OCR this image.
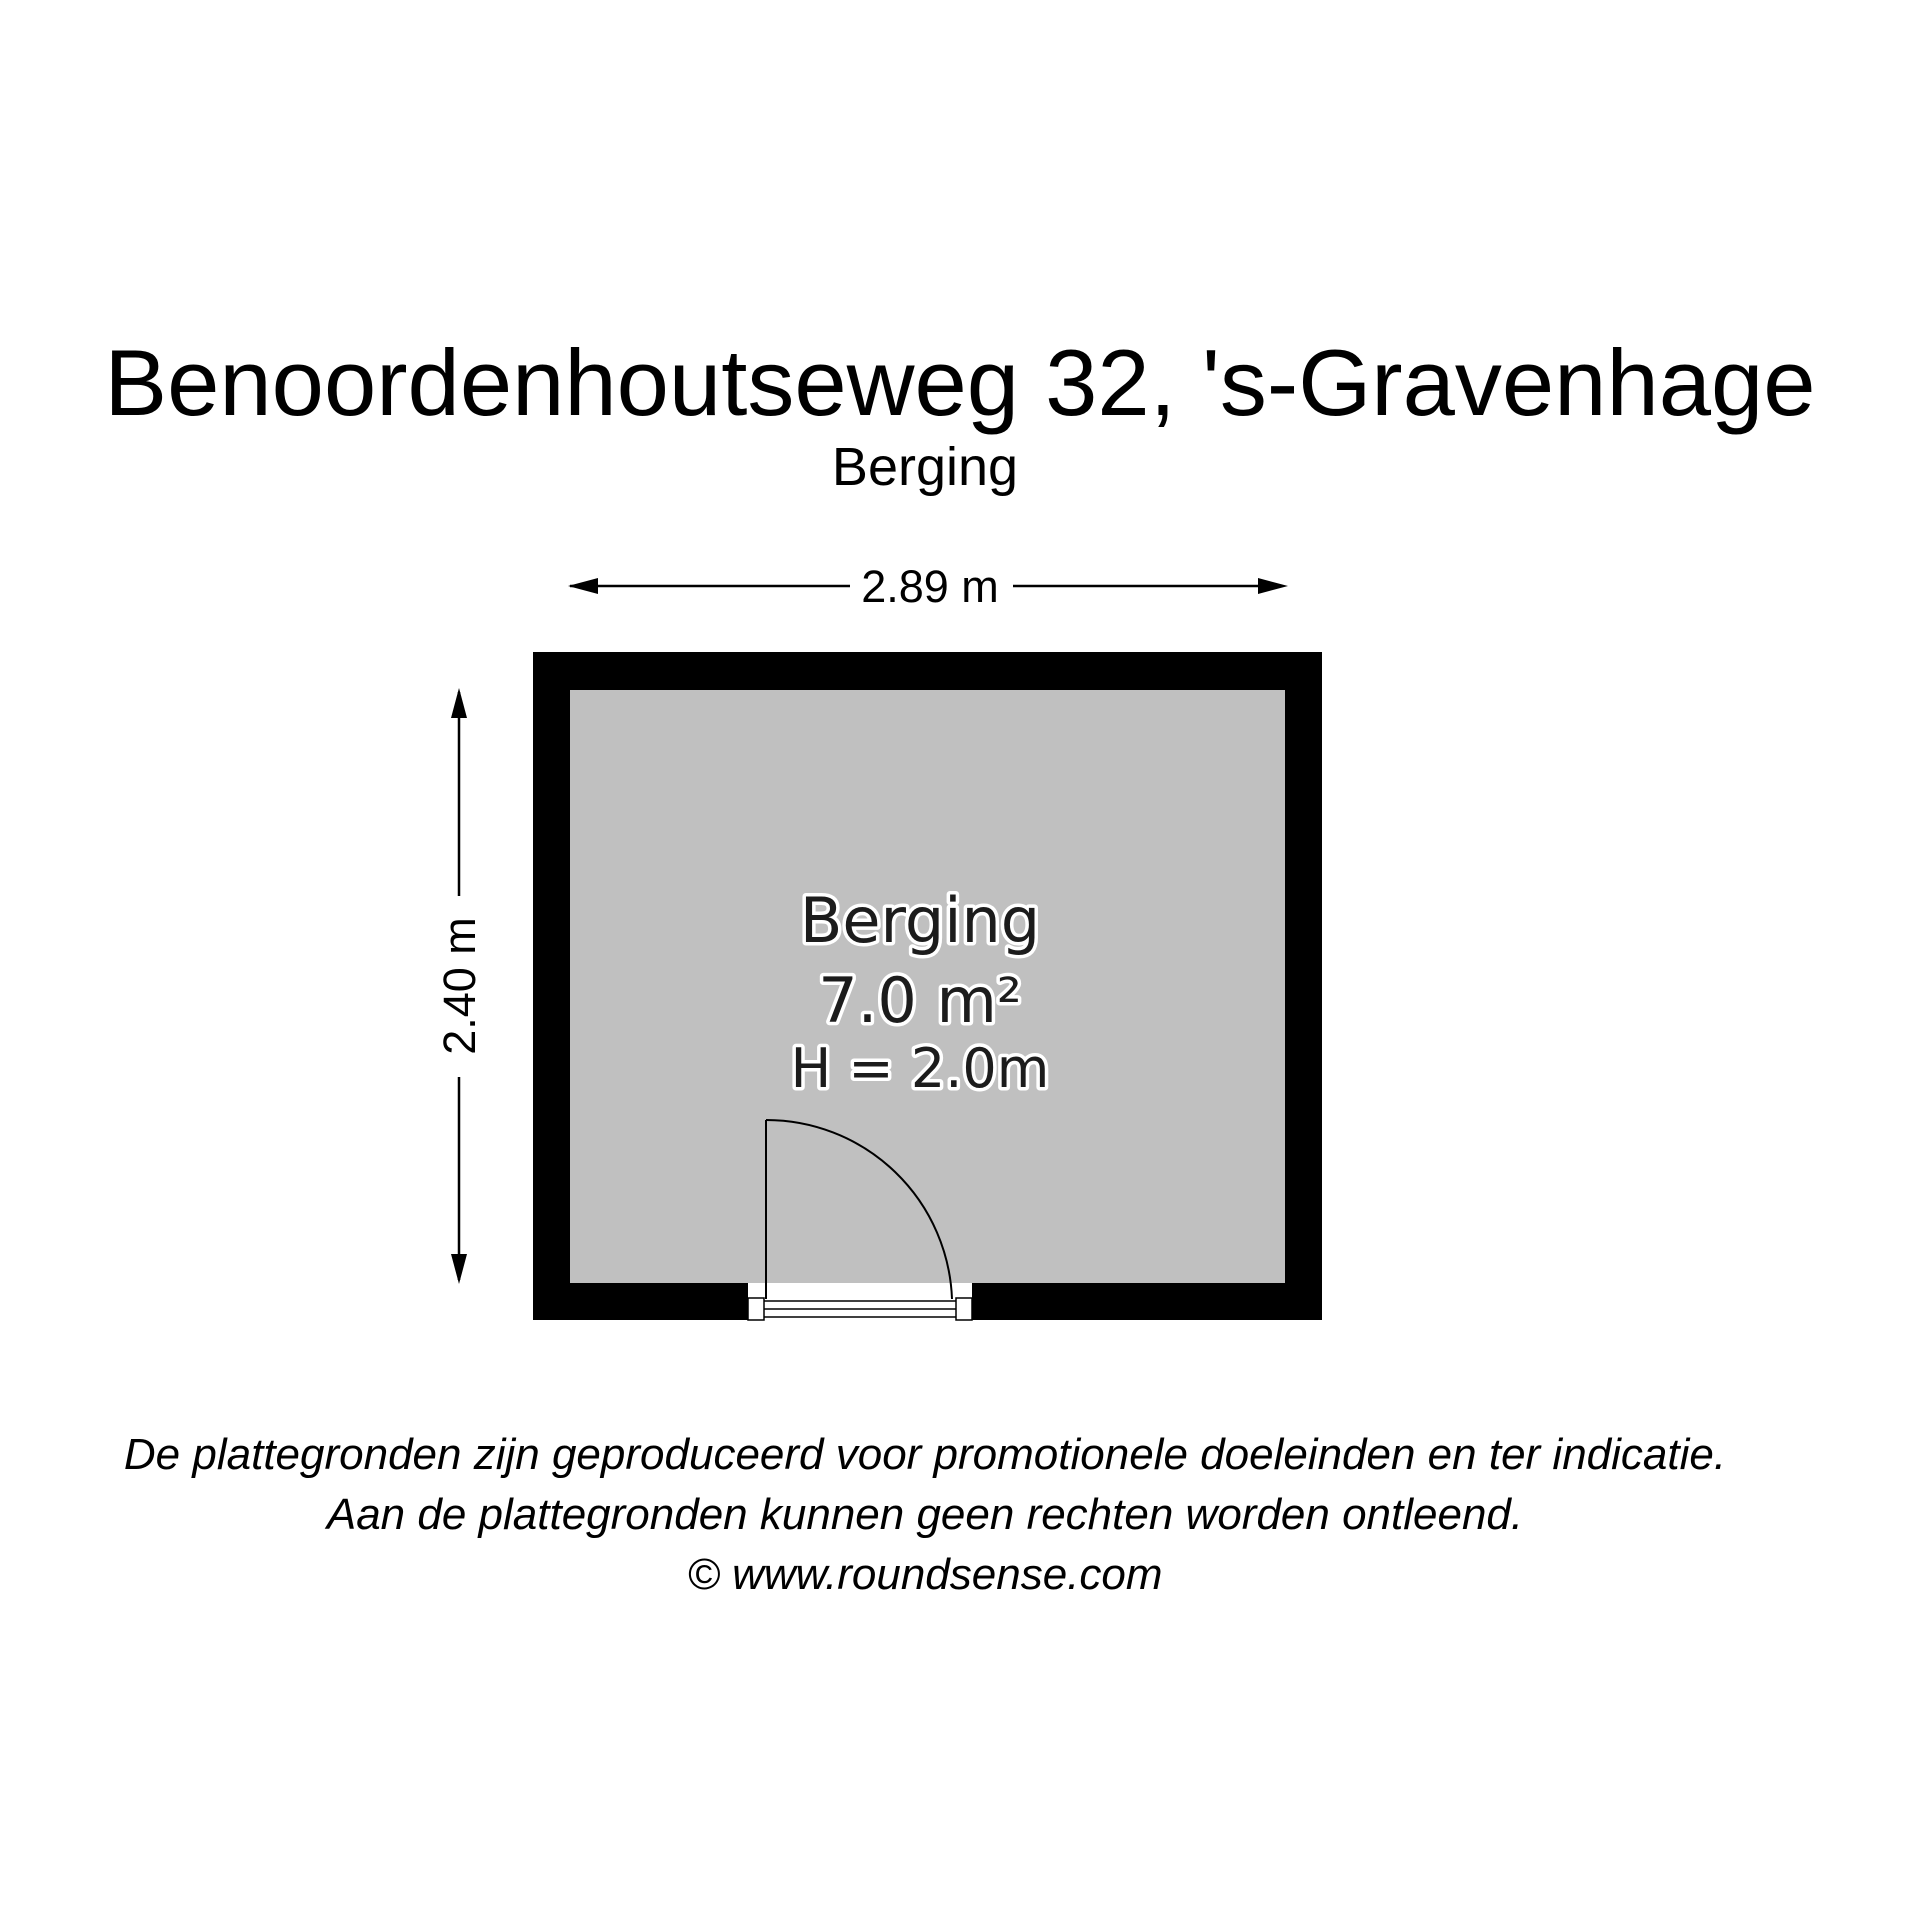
Benoordenhoutseweg 32, 's-Gravenhage
Berging
2.89 m
2.40 m	Berging
7.0 m²
H = 2.0m
De plattegronden zijn geproduceerd voor promotionele doeleinden en ter indicatie.
Aan de plattegronden kunnen geen rechten worden ontleend.
© www.roundsense.com
